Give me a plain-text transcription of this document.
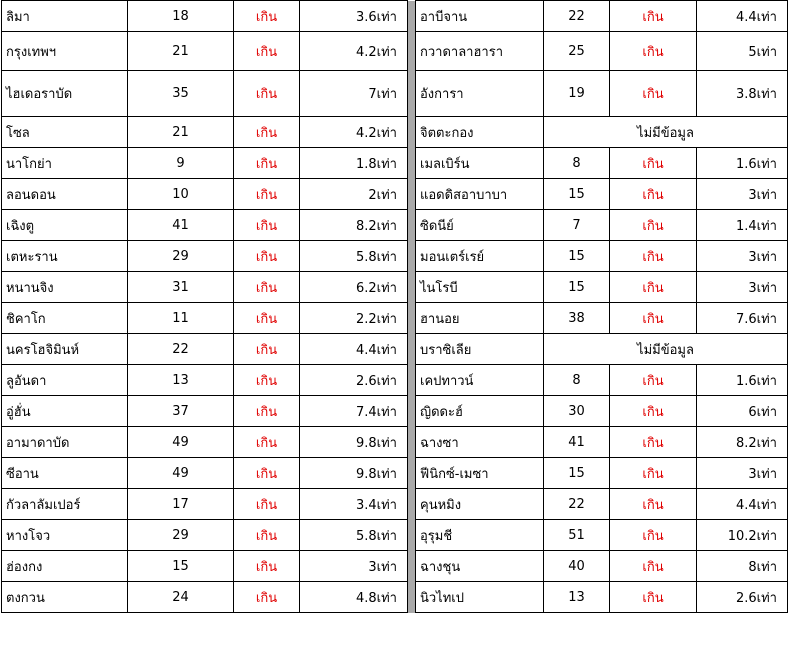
ลิมา	18	เกิน	3.6เท่า		อาบีจาน	22	เกิน	4.4เท่า
กรุงเทพฯ	21	เกิน	4.2เท่า		กวาดาลาฮารา	25	เกิน	5เท่า
ไฮเดอราบัด	35	เกิน	7เท่า		อังการา	19	เกิน	3.8เท่า
โซล	21	เกิน	4.2เท่า		จิตตะกอง	ไม่มีข้อมูล		
นาโกย่า	9	เกิน	1.8เท่า		เมลเบิร์น	8	เกิน	1.6เท่า
ลอนดอน	10	เกิน	2เท่า		แอดดิสอาบาบา	15	เกิน	3เท่า
เฉิงตู	41	เกิน	8.2เท่า		ซิดนีย์	7	เกิน	1.4เท่า
เตหะราน	29	เกิน	5.8เท่า		มอนเตร์เรย์	15	เกิน	3เท่า
หนานจิง	31	เกิน	6.2เท่า		ไนโรบี	15	เกิน	3เท่า
ชิคาโก	11	เกิน	2.2เท่า		ฮานอย	38	เกิน	7.6เท่า
นครโฮจิมินห์	22	เกิน	4.4เท่า		บราซิเลีย	ไม่มีข้อมูล		
ลูอันดา	13	เกิน	2.6เท่า		เคปทาวน์	8	เกิน	1.6เท่า
อู่ฮั่น	37	เกิน	7.4เท่า		ญิดดะฮ์	30	เกิน	6เท่า
อามาดาบัด	49	เกิน	9.8เท่า		ฉางซา	41	เกิน	8.2เท่า
ซีอาน	49	เกิน	9.8เท่า		ฟีนิกซ์-เมซา	15	เกิน	3เท่า
กัวลาลัมเปอร์	17	เกิน	3.4เท่า		คุนหมิง	22	เกิน	4.4เท่า
หางโจว	29	เกิน	5.8เท่า		อุรุมชี	51	เกิน	10.2เท่า
ฮ่องกง	15	เกิน	3เท่า		ฉางชุน	40	เกิน	8เท่า
ตงกวน	24	เกิน	4.8เท่า		นิวไทเป	13	เกิน	2.6เท่า
